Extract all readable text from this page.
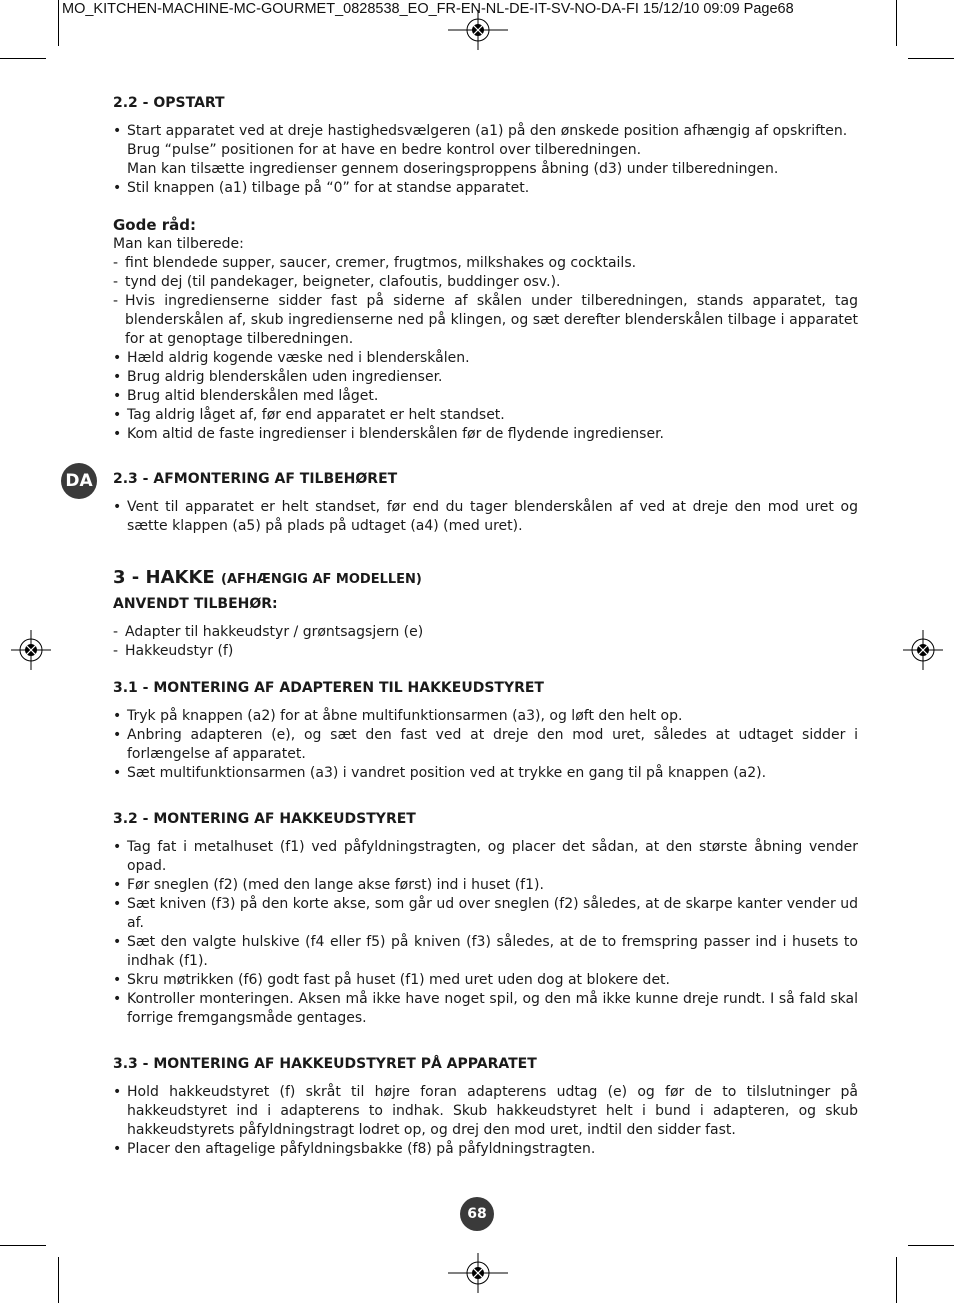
MO_KITCHEN-MACHINE-MC-GOURMET_0828538_EO_FR-EN-NL-DE-IT-SV-NO-DA-FI 15/12/10 09:09 Page68
DA

2.2 - OPSTART

• Start apparatet ved at dreje hastighedsvælgeren (a1) på den ønskede position afhængig af opskriften.
Brug “pulse” positionen for at have en bedre kontrol over tilberedningen.
Man kan tilsætte ingredienser gennem doseringsproppens åbning (d3) under tilberedningen.
• Stil knappen (a1) tilbage på “0” for at standse apparatet.

Gode råd:

Man kan tilberede:

- fint blendede supper, saucer, cremer, frugtmos, milkshakes og cocktails.
- tynd dej (til pandekager, beigneter, clafoutis, buddinger osv.).
- Hvis ingredienserne sidder fast på siderne af skålen under tilberedningen, stands apparatet, tag blenderskålen af, skub ingredienserne ned på klingen, og sæt derefter blenderskålen tilbage i apparatet for at genoptage tilberedningen.
• Hæld aldrig kogende væske ned i blenderskålen.
• Brug aldrig blenderskålen uden ingredienser.
• Brug altid blenderskålen med låget.
• Tag aldrig låget af, før end apparatet er helt standset.
• Kom altid de faste ingredienser i blenderskålen før de flydende ingredienser.

2.3 - AFMONTERING AF TILBEHØRET

• Vent til apparatet er helt standset, før end du tager blenderskålen af ved at dreje den mod uret og sætte klappen (a5) på plads på udtaget (a4) (med uret).

3 - HAKKE (AFHÆNGIG AF MODELLEN)

ANVENDT TILBEHØR:

- Adapter til hakkeudstyr / grøntsagsjern (e)
- Hakkeudstyr (f)

3.1 - MONTERING AF ADAPTEREN TIL HAKKEUDSTYRET

• Tryk på knappen (a2) for at åbne multifunktionsarmen (a3), og løft den helt op.
• Anbring adapteren (e), og sæt den fast ved at dreje den mod uret, således at udtaget sidder i forlængelse af apparatet.
• Sæt multifunktionsarmen (a3) i vandret position ved at trykke en gang til på knappen (a2).

3.2 - MONTERING AF HAKKEUDSTYRET

• Tag fat i metalhuset (f1) ved påfyldningstragten, og placer det sådan, at den største åbning vender opad.
• Før sneglen (f2) (med den lange akse først) ind i huset (f1).
• Sæt kniven (f3) på den korte akse, som går ud over sneglen (f2) således, at de skarpe kanter vender ud af.
• Sæt den valgte hulskive (f4 eller f5) på kniven (f3) således, at de to fremspring passer ind i husets to indhak (f1).
• Skru møtrikken (f6) godt fast på huset (f1) med uret uden dog at blokere det.
• Kontroller monteringen. Aksen må ikke have noget spil, og den må ikke kunne dreje rundt. I så fald skal forrige fremgangsmåde gentages.

3.3 - MONTERING AF HAKKEUDSTYRET PÅ APPARATET

• Hold hakkeudstyret (f) skråt til højre foran adapterens udtag (e) og før de to tilslutninger på hakkeudstyret ind i adapterens to indhak. Skub hakkeudstyret helt i bund i adapteren, og skub hakkeudstyrets påfyldningstragt lodret op, og drej den mod uret, indtil den sidder fast.
• Placer den aftagelige påfyldningsbakke (f8) på påfyldningstragten.
68
